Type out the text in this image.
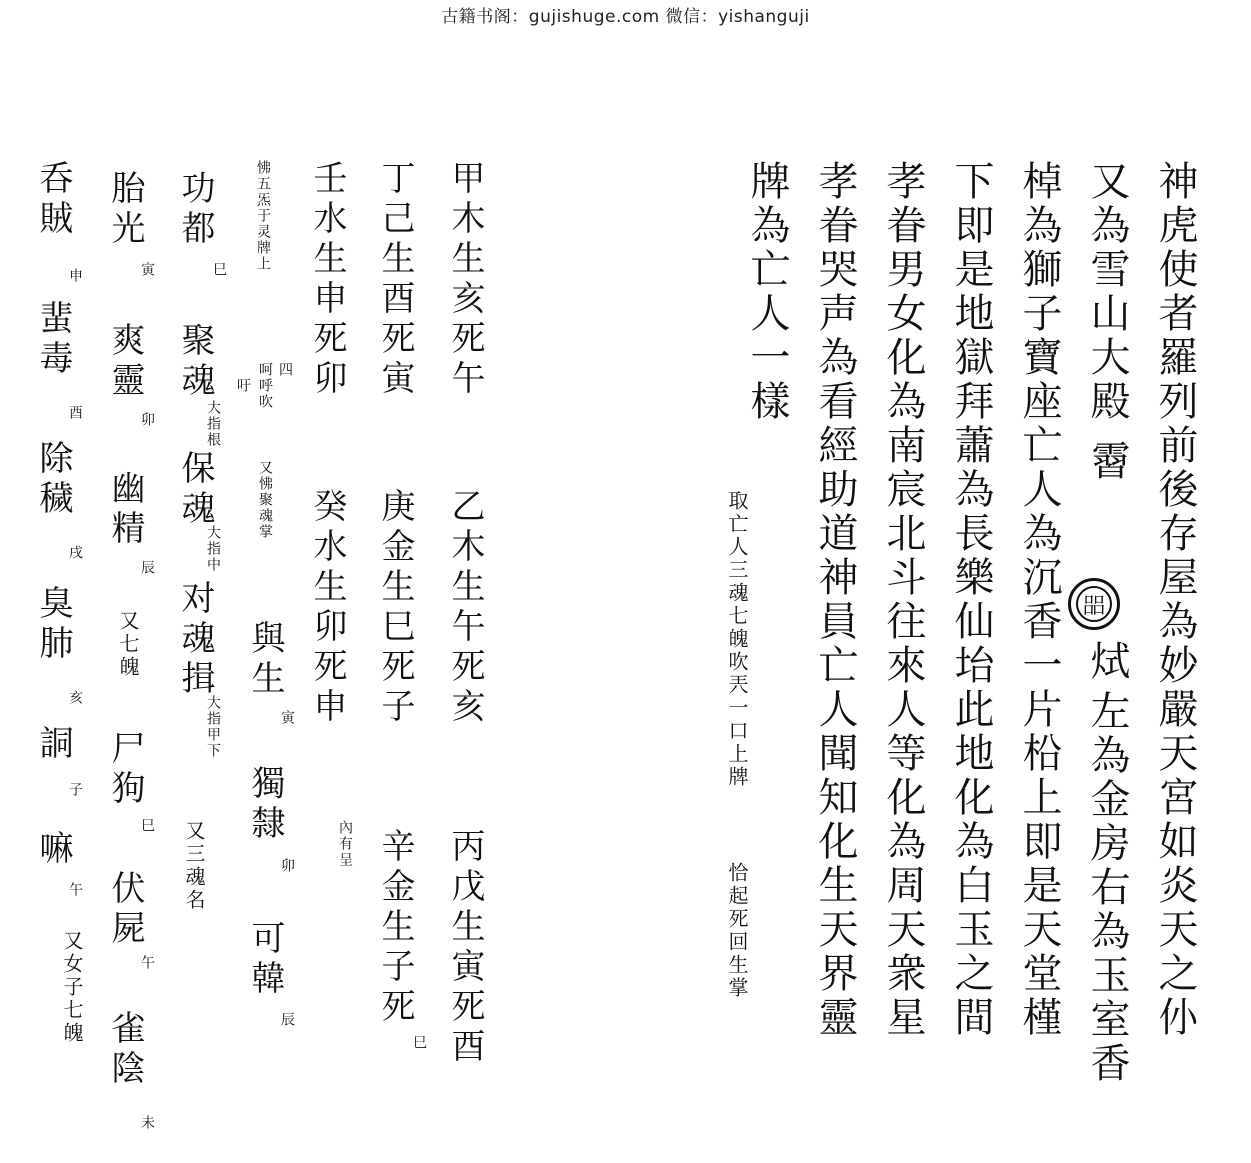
古籍书阁：gujishuge.com 微信：yishanguji
神虎使者羅列前後存屋為妙嚴天宮如炎天之仦
又為雪山大殿
霫
㗊
烒
左為金房右為玉室香
棹為獅子寶座亡人為沉香一片柗上即是天堂槿
下即是地獄拜蕭為長樂仙坮此地化為白玉之間
孝眷男女化為南宸北斗往來人等化為周天衆星
孝眷哭声為看經助道神員亡人聞知化生天界靈
牌為亡人一樣
取亡人三魂七魄吹兲一口上牌
恰起死回生掌
甲木生亥死午
乙木生午死亥
丙戊生寅死酉
丁己生酉死寅
庚金生巳死子
辛金生子死
巳
壬水生申死卯
癸水生卯死申
內有呈
與生
寅
獨隸
卯
可韓
辰
怫五炁于灵牌上
呵呼吹 四
吁
又怫聚魂掌
功都
巳
聚魂
大指根
保魂
大指中
对魂揖
大指甲下
又三魂名
胎光
寅
爽靈
卯
幽精
辰
又七魄
尸狗
巳
伏屍
午
雀陰
未
呑賊
申
蜚毒
酉
除穢
戌
臭肺
亥
詷
子
嘛
午
又女子七魄
